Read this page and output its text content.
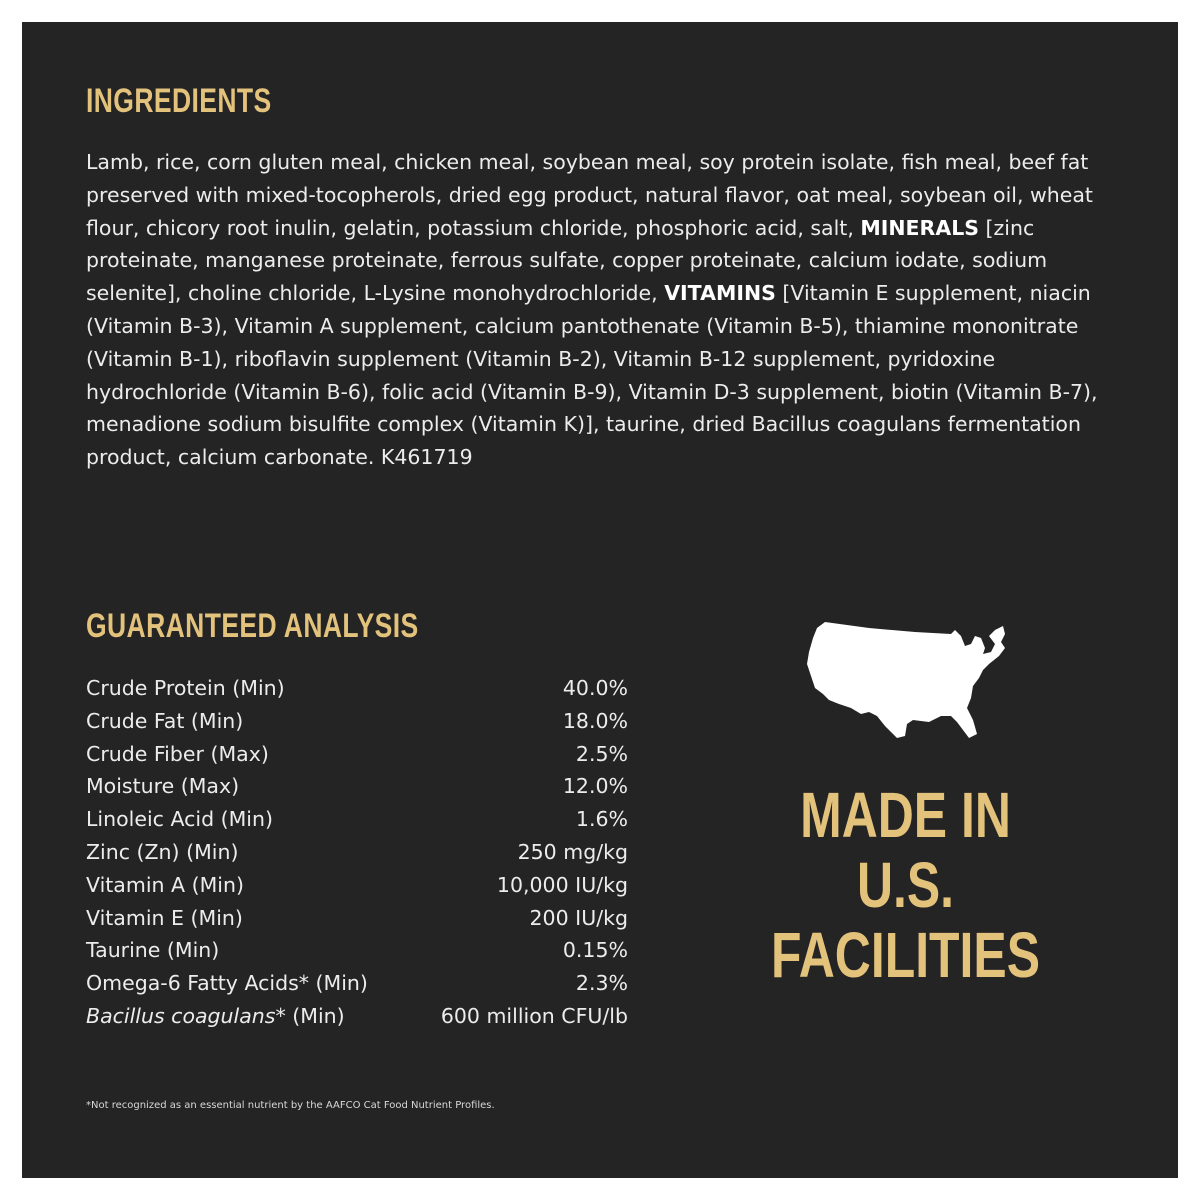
INGREDIENTS

Lamb, rice, corn gluten meal, chicken meal, soybean meal, soy protein isolate, fish meal, beef fat preserved with mixed-tocopherols, dried egg product, natural flavor, oat meal, soybean oil, wheat flour, chicory root inulin, gelatin, potassium chloride, phosphoric acid, salt, MINERALS [zinc proteinate, manganese proteinate, ferrous sulfate, copper proteinate, calcium iodate, sodium selenite], choline chloride, L-Lysine monohydrochloride, VITAMINS [Vitamin E supplement, niacin (Vitamin B-3), Vitamin A supplement, calcium pantothenate (Vitamin B-5), thiamine mononitrate (Vitamin B-1), riboflavin supplement (Vitamin B-2), Vitamin B-12 supplement, pyridoxine hydrochloride (Vitamin B-6), folic acid (Vitamin B-9), Vitamin D-3 supplement, biotin (Vitamin B-7), menadione sodium bisulfite complex (Vitamin K)], taurine, dried Bacillus coagulans fermentation product, calcium carbonate. K461719

GUARANTEED ANALYSIS
Crude Protein (Min)	40.0%
Crude Fat (Min)	18.0%
Crude Fiber (Max)	2.5%
Moisture (Max)	12.0%
Linoleic Acid (Min)	1.6%
Zinc (Zn) (Min)	250 mg/kg
Vitamin A (Min)	10,000 IU/kg
Vitamin E (Min)	200 IU/kg
Taurine (Min)	0.15%
Omega-6 Fatty Acids* (Min)	2.3%
Bacillus coagulans* (Min)	600 million CFU/lb

*Not recognized as an essential nutrient by the AAFCO Cat Food Nutrient Profiles.

MADE IN
U.S.
FACILITIES
